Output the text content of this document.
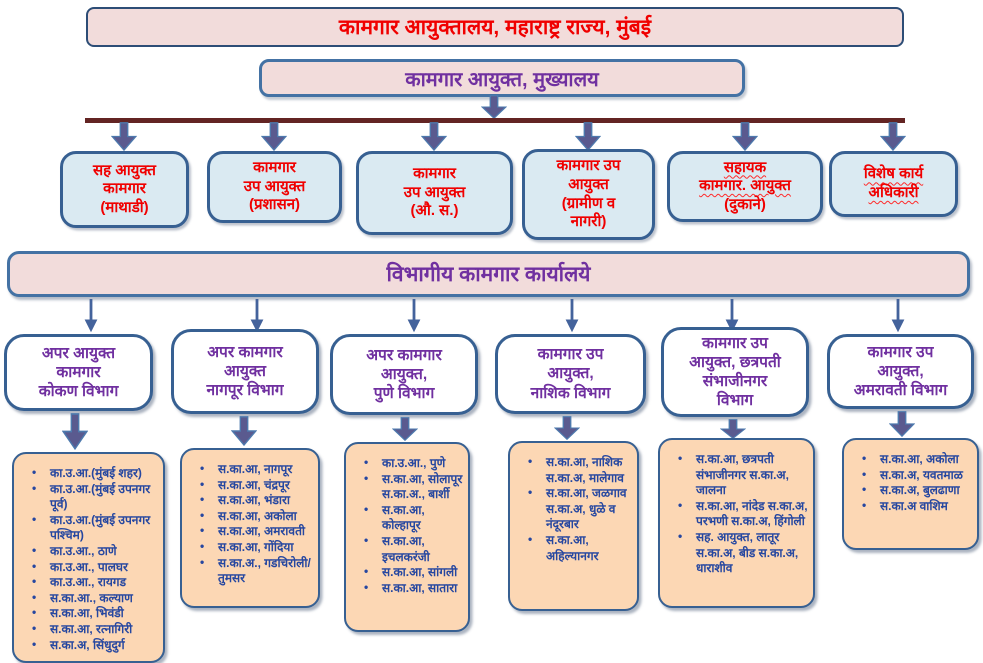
कामगार आयुक्तालय, महाराष्ट्र राज्य, मुंबई
कामगार आयुक्त, मुख्यालय
सह आयुक्त
कामगार
(माथाडी)
कामगार
उप आयुक्त
(प्रशासन)
कामगार
उप आयुक्त
(औ. स.)
कामगार उप
आयुक्त
(ग्रामीण व
नागरी)
सहायक
कामगार. आयुक्त
(दुकाने)
विशेष कार्य
अधिकारी
विभागीय कामगार कार्यालये
अपर आयुक्त
कामगार
कोकण विभाग
अपर कामगार
आयुक्त
नागपूर विभाग
अपर कामगार
आयुक्त,
पुणे विभाग
कामगार उप
आयुक्त,
नाशिक विभाग
कामगार उप
आयुक्त, छत्रपती
संभाजीनगर
विभाग
कामगार उप
आयुक्त,
अमरावती विभाग
• का.उ.आ.(मुंबई शहर)
• का.उ.आ.(मुंबई उपनगर पूर्व)
• का.उ.आ.(मुंबई उपनगर पश्चिम)
• का.उ.आ., ठाणे
• का.उ.आ., पालघर
• का.उ.आ., रायगड
• स.का.आ., कल्याण
• स.का.आ, भिवंडी
• स.का.आ, रत्नागिरी
• स.का.अ, सिंधुदुर्ग
• स.का.आ, नागपूर
• स.का.आ, चंद्रपूर
• स.का.आ, भंडारा
• स.का.आ, अकोला
• स.का.आ, अमरावती
• स.का.आ, गोंदिया
• स.का.अ., गडचिरोली/ तुमसर
• का.उ.आ., पुणे
• स.का.आ, सोलापूर स.का.अ., बार्शी
• स.का.आ, कोल्हापूर
• स.का.आ, इचलकरंजी
• स.का.आ, सांगली
• स.का.आ, सातारा
• स.का.आ, नाशिक स.का.अ, मालेगाव
• स.का.आ, जळगाव स.का.अ, धुळे व नंदूरबार
• स.का.आ, अहिल्यानगर
• स.का.आ, छत्रपती संभाजीनगर स.का.अ, जालना
• स.का.आ, नांदेड स.का.अ, परभणी स.का.अ, हिंगोली
• सह. आयुक्त, लातूर स.का.अ, बीड स.का.अ, धाराशीव
• स.का.आ, अकोला
• स.का.अ, यवतमाळ
• स.का.अ, बुलढाणा
• स.का.अ वाशिम
